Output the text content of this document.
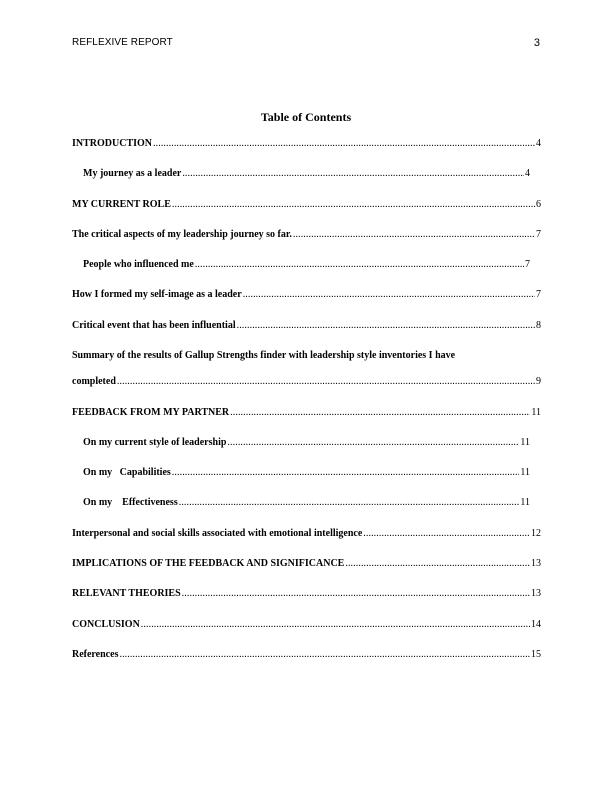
REFLEXIVE REPORT	3
Table of Contents
INTRODUCTION .....	4
My journey as a leader .....	4
MY CURRENT ROLE .....	6
The critical aspects of my leadership journey so far. .....	7
People who influenced me .....	7
How I formed my self-image as a leader .....	7
Critical event that has been influential .....	8
Summary of the results of Gallup Strengths finder with leadership style inventories I have
completed .....	9
FEEDBACK FROM MY PARTNER .....	11
On my current style of leadership .....	11
On my   Capabilities .....	11
On my    Effectiveness .....	11
Interpersonal and social skills associated with emotional intelligence .....	12
IMPLICATIONS OF THE FEEDBACK AND SIGNIFICANCE .....	13
RELEVANT THEORIES .....	13
CONCLUSION .....	14
References .....	15
